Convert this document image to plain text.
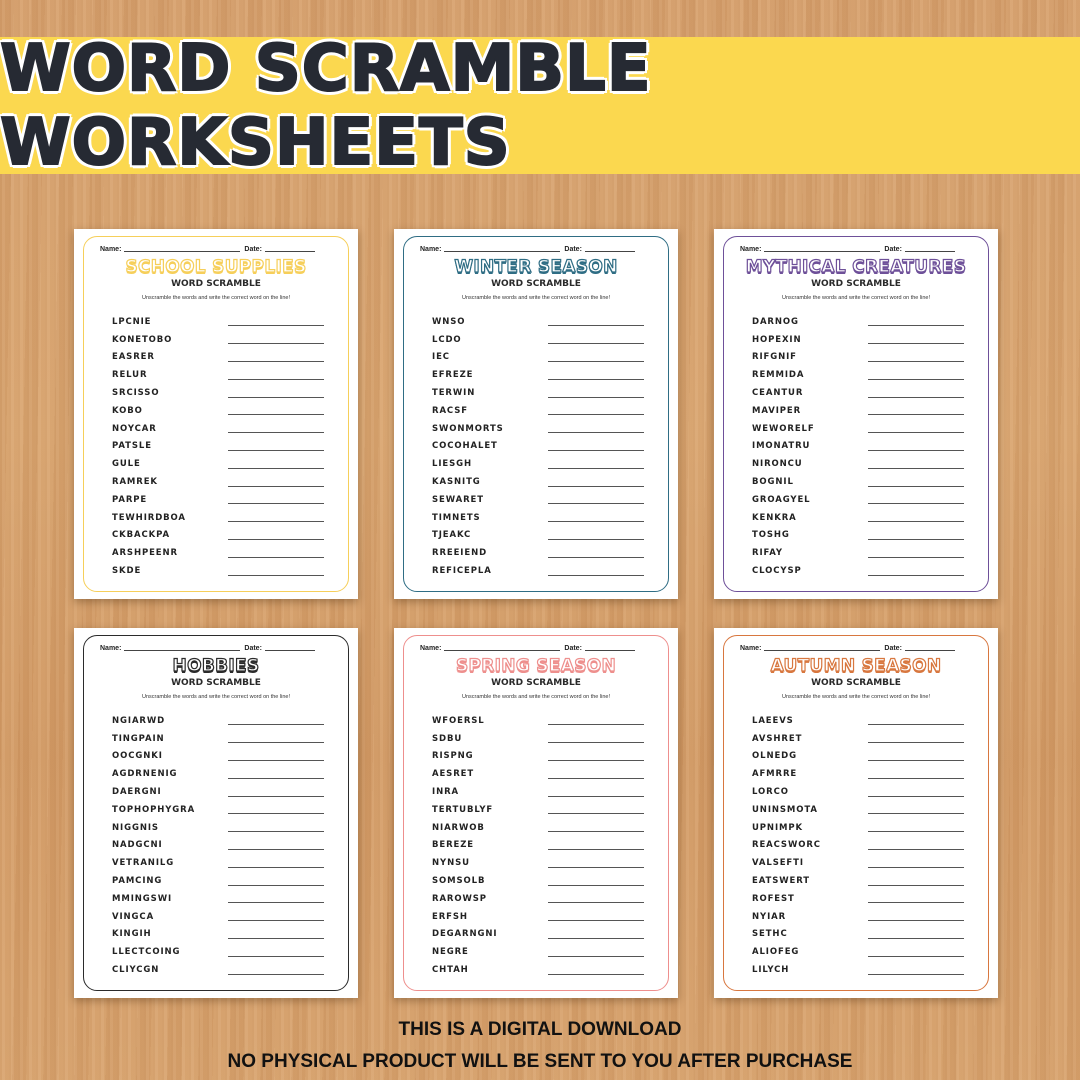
WORD SCRAMBLE WORKSHEETS
Name:	Date:
SCHOOL SUPPLIES
WORD SCRAMBLE
Unscramble the words and write the correct word on the line!
LPCNIE
KONETOBO
EASRER
RELUR
SRCISSO
KOBO
NOYCAR
PATSLE
GULE
RAMREK
PARPE
TEWHIRDBOA
CKBACKPA
ARSHPEENR
SKDE
Name:	Date:
WINTER SEASON
WORD SCRAMBLE
Unscramble the words and write the correct word on the line!
WNSO
LCDO
IEC
EFREZE
TERWIN
RACSF
SWONMORTS
COCOHALET
LIESGH
KASNITG
SEWARET
TIMNETS
TJEAKC
RREEIEND
REFICEPLA
Name:	Date:
MYTHICAL CREATURES
WORD SCRAMBLE
Unscramble the words and write the correct word on the line!
DARNOG
HOPEXIN
RIFGNIF
REMMIDA
CEANTUR
MAVIPER
WEWORELF
IMONATRU
NIRONCU
BOGNIL
GROAGYEL
KENKRA
TOSHG
RIFAY
CLOCYSP
Name:	Date:
HOBBIES
WORD SCRAMBLE
Unscramble the words and write the correct word on the line!
NGIARWD
TINGPAIN
OOCGNKI
AGDRNENIG
DAERGNI
TOPHOPHYGRA
NIGGNIS
NADGCNI
VETRANILG
PAMCING
MMINGSWI
VINGCA
KINGIH
LLECTCOING
CLIYCGN
Name:	Date:
SPRING SEASON
WORD SCRAMBLE
Unscramble the words and write the correct word on the line!
WFOERSL
SDBU
RISPNG
AESRET
INRA
TERTUBLYF
NIARWOB
BEREZE
NYNSU
SOMSOLB
RAROWSP
ERFSH
DEGARNGNI
NEGRE
CHTAH
Name:	Date:
AUTUMN SEASON
WORD SCRAMBLE
Unscramble the words and write the correct word on the line!
LAEEVS
AVSHRET
OLNEDG
AFMRRE
LORCO
UNINSMOTA
UPNIMPK
REACSWORC
VALSEFTI
EATSWERT
ROFEST
NYIAR
SETHC
ALIOFEG
LILYCH
THIS IS A DIGITAL DOWNLOAD
NO PHYSICAL PRODUCT WILL BE SENT TO YOU AFTER PURCHASE
